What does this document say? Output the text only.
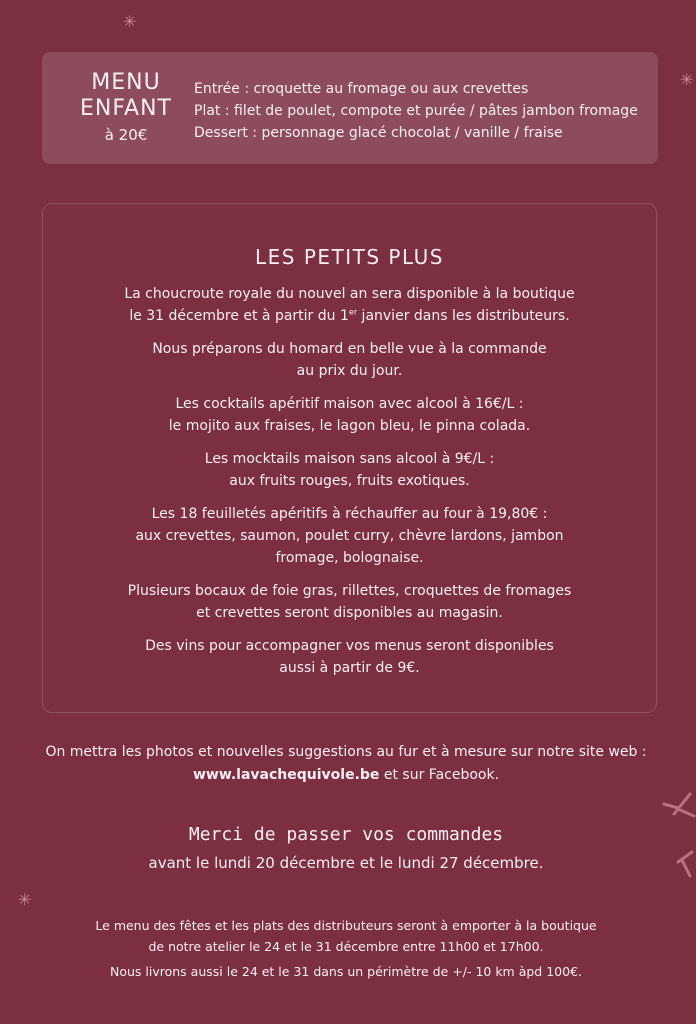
✳
✳
✳
MENU
ENFANT
à 20€
Entrée : croquette au fromage ou aux crevettes
Plat : filet de poulet, compote et purée / pâtes jambon fromage
Dessert : personnage glacé chocolat / vanille / fraise
LES PETITS PLUS

La choucroute royale du nouvel an sera disponible à la boutique
le 31 décembre et à partir du 1er janvier dans les distributeurs.

Nous préparons du homard en belle vue à la commande
au prix du jour.

Les cocktails apéritif maison avec alcool à 16€/L :
le mojito aux fraises, le lagon bleu, le pinna colada.

Les mocktails maison sans alcool à 9€/L :
aux fruits rouges, fruits exotiques.

Les 18 feuilletés apéritifs à réchauffer au four à 19,80€ :
aux crevettes, saumon, poulet curry, chèvre lardons, jambon
fromage, bolognaise.

Plusieurs bocaux de foie gras, rillettes, croquettes de fromages
et crevettes seront disponibles au magasin.

Des vins pour accompagner vos menus seront disponibles
aussi à partir de 9€.

On mettra les photos et nouvelles suggestions au fur et à mesure sur notre site web :
www.lavachequivole.be et sur Facebook.
Merci de passer vos commandes
avant le lundi 20 décembre et le lundi 27 décembre.
Le menu des fêtes et les plats des distributeurs seront à emporter à la boutique
de notre atelier le 24 et le 31 décembre entre 11h00 et 17h00.
Nous livrons aussi le 24 et le 31 dans un périmètre de +/- 10 km àpd 100€.
